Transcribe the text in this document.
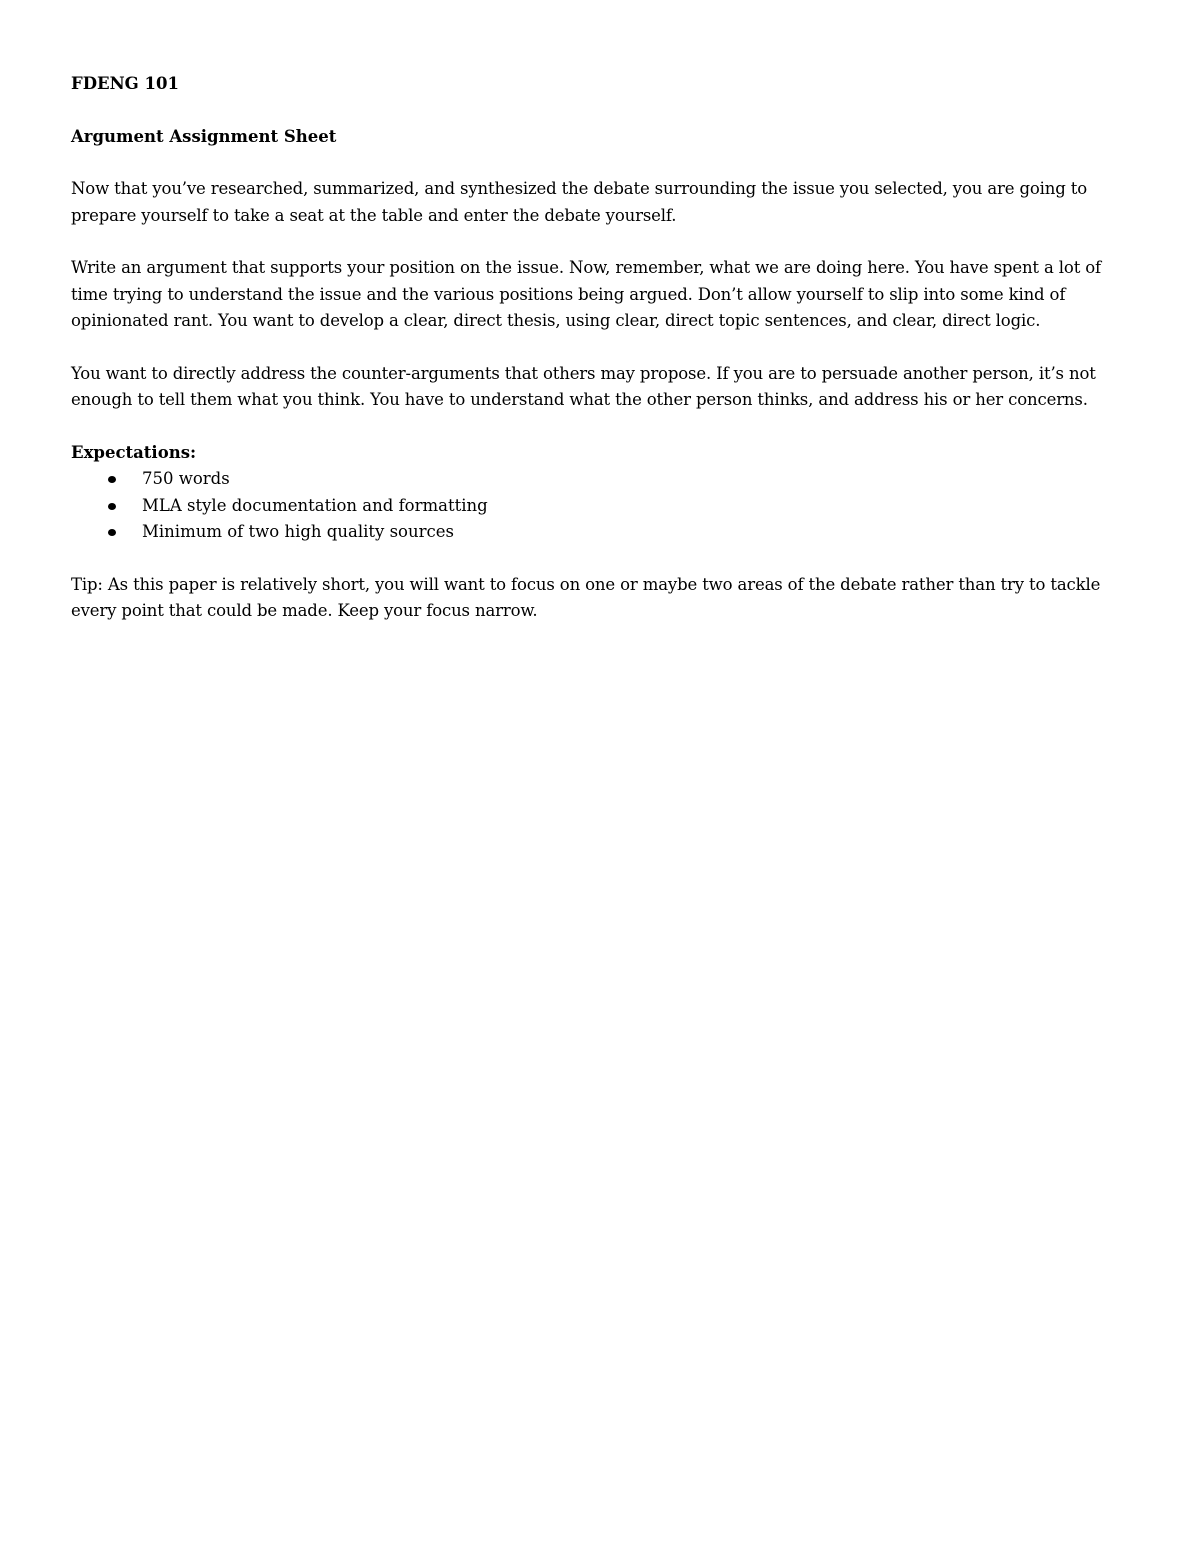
FDENG 101
Argument Assignment Sheet

Now that you’ve researched, summarized, and synthesized the debate surrounding the issue you selected, you are going to prepare yourself to take a seat at the table and enter the debate yourself.

Write an argument that supports your position on the issue. Now, remember, what we are doing here. You have spent a lot of time trying to understand the issue and the various positions being argued. Don’t allow yourself to slip into some kind of opinionated rant. You want to develop a clear, direct thesis, using clear, direct topic sentences, and clear, direct logic.

You want to directly address the counter-arguments that others may propose. If you are to persuade another person, it’s not enough to tell them what you think. You have to understand what the other person thinks, and address his or her concerns.

Expectations:
750 words
MLA style documentation and formatting
Minimum of two high quality sources

Tip: As this paper is relatively short, you will want to focus on one or maybe two areas of the debate rather than try to tackle every point that could be made. Keep your focus narrow.
